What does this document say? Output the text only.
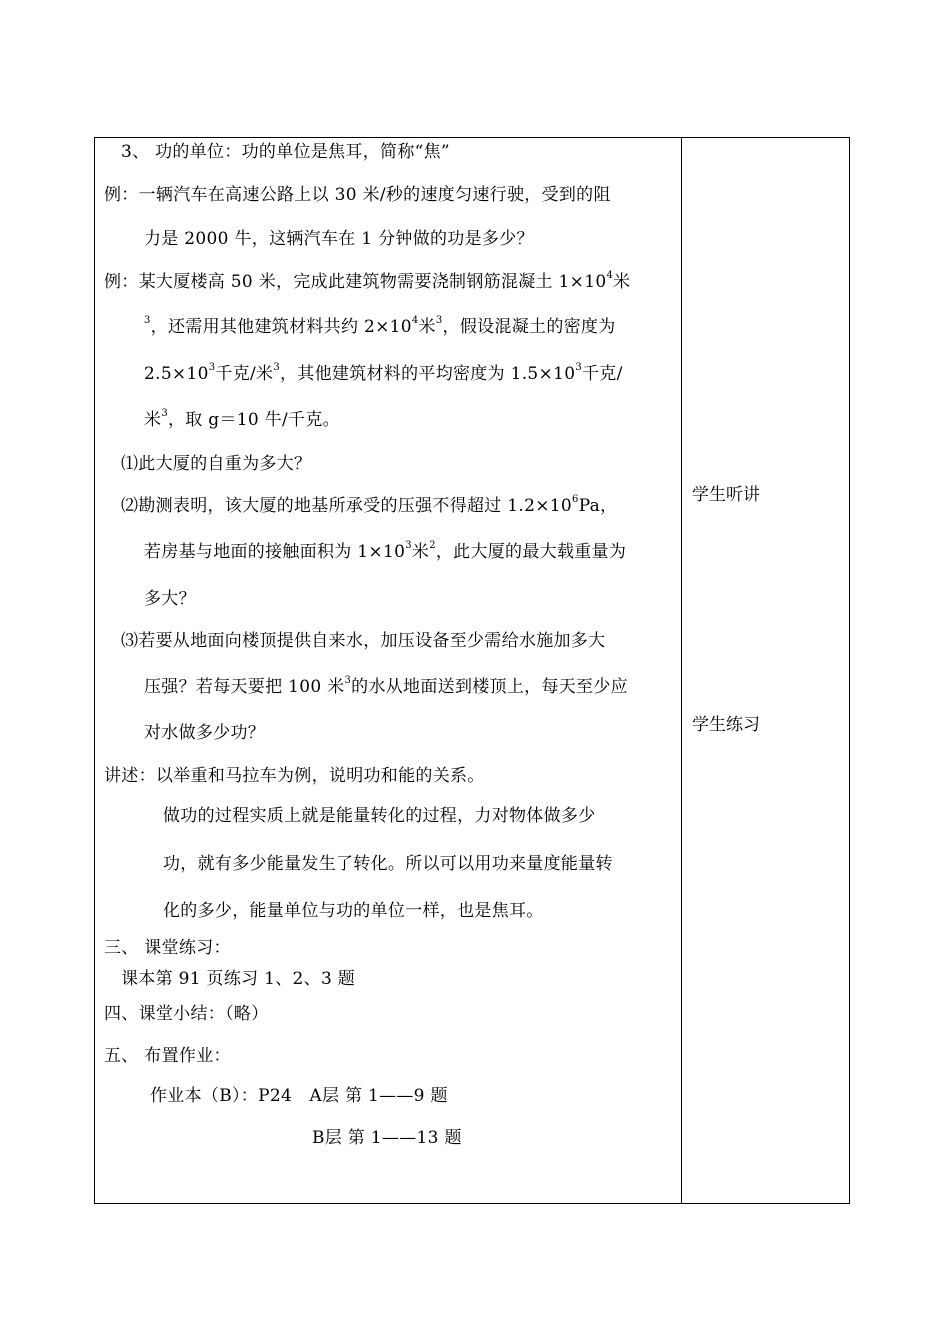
3、 功的单位：功的单位是焦耳，简称“焦”
例：一辆汽车在高速公路上以 30 米/秒的速度匀速行驶，受到的阻
力是 2000 牛，这辆汽车在 1 分钟做的功是多少？
例：某大厦楼高 50 米，完成此建筑物需要浇制钢筋混凝土 $1\times 10^4$米
$^3$，还需用其他建筑材料共约 $2\times 10^4$米$^3$，假设混凝土的密度为
$2.5\times 10^3$千克/米$^3$，其他建筑材料的平均密度为 $1.5\times 10^3$千克/
米$^3$，取 g＝10 牛/千克。
⑴此大厦的自重为多大？
⑵勘测表明，该大厦的地基所承受的压强不得超过 $1.2\times 10^6Pa$，
若房基与地面的接触面积为 $1\times 10^3$米$^2$，此大厦的最大载重量为
多大？
⑶若要从地面向楼顶提供自来水，加压设备至少需给水施加多大
压强？若每天要把 100 米$^3$的水从地面送到楼顶上，每天至少应
对水做多少功？
讲述：以举重和马拉车为例，说明功和能的关系。
做功的过程实质上就是能量转化的过程，力对物体做多少
功，就有多少能量发生了转化。所以可以用功来量度能量转
化的多少，能量单位与功的单位一样，也是焦耳。
三、 课堂练习：
课本第 91 页练习 1、2、3 题
四、课堂小结：（略）
五、 布置作业：
作业本（B）：P24　A层 第 1——9 题
B层 第 1——13 题
学生听讲
学生练习
